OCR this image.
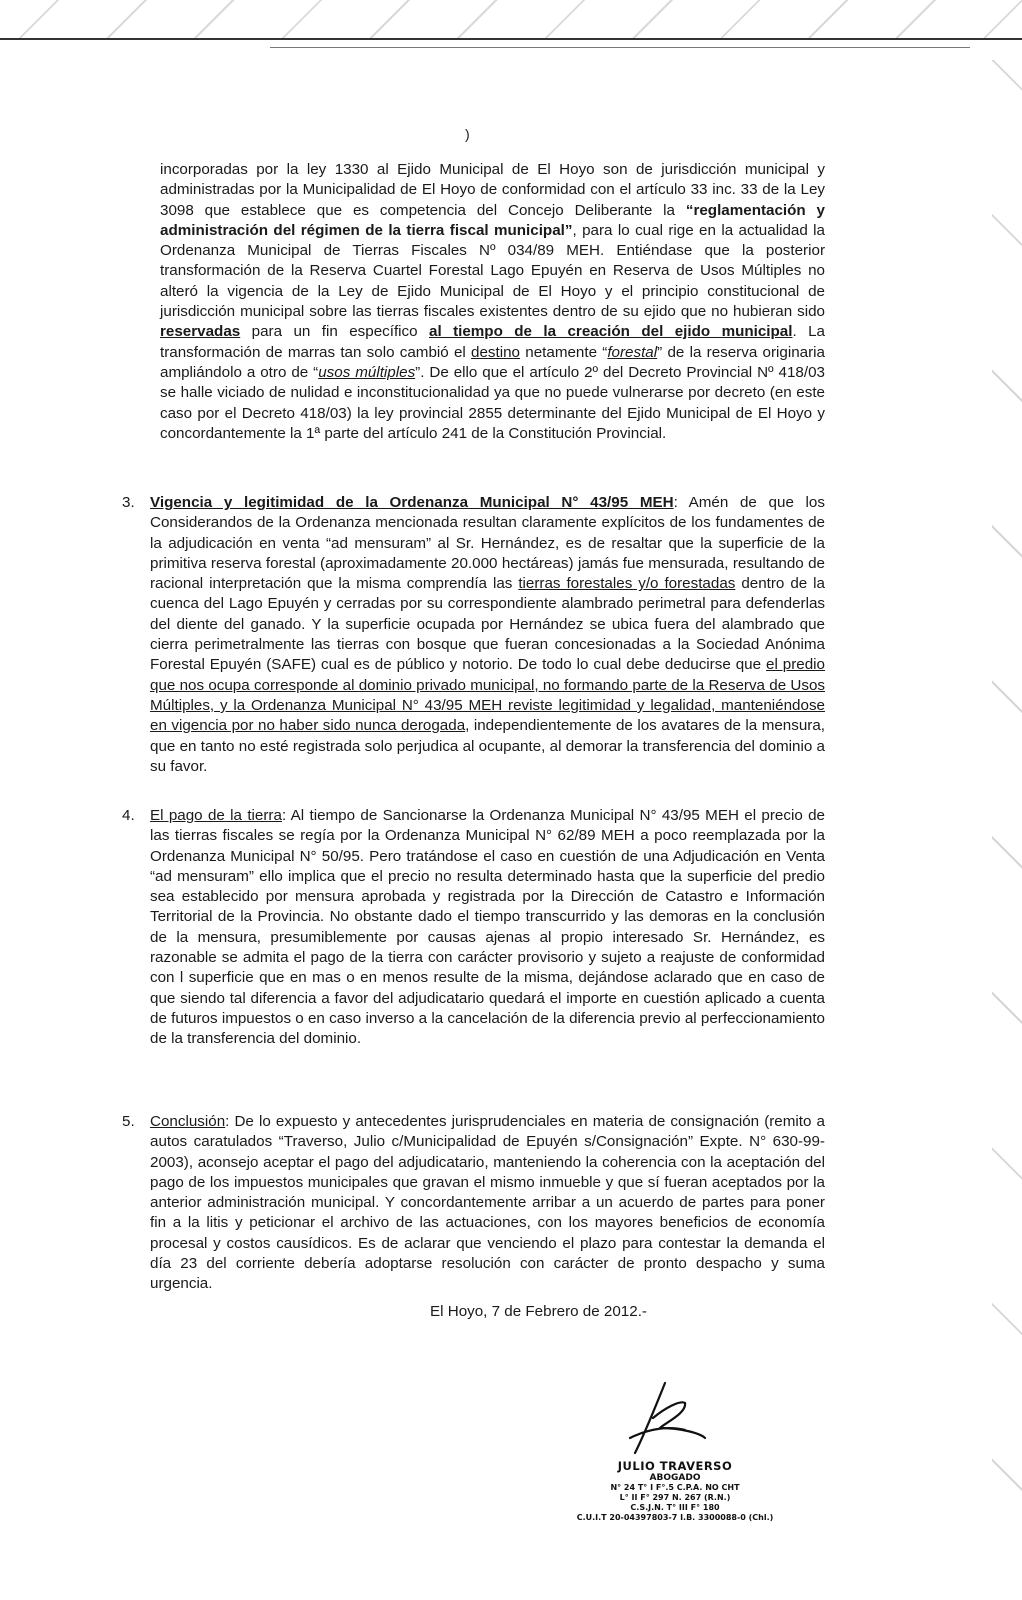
)

incorporadas por la ley 1330 al Ejido Municipal de El Hoyo son de jurisdicción municipal y administradas por la Municipalidad de El Hoyo de conformidad con el artículo 33 inc. 33 de la Ley 3098 que establece que es competencia del Concejo Deliberante la “reglamentación y administración del régimen de la tierra fiscal municipal”, para lo cual rige en la actualidad la Ordenanza Municipal de Tierras Fiscales Nº 034/89 MEH. Entiéndase que la posterior transformación de la Reserva Cuartel Forestal Lago Epuyén en Reserva de Usos Múltiples no alteró la vigencia de la Ley de Ejido Municipal de El Hoyo y el principio constitucional de jurisdicción municipal sobre las tierras fiscales existentes dentro de su ejido que no hubieran sido reservadas para un fin específico al tiempo de la creación del ejido municipal. La transformación de marras tan solo cambió el destino netamente “forestal” de la reserva originaria ampliándolo a otro de “usos múltiples”. De ello que el artículo 2º del Decreto Provincial Nº 418/03 se halle viciado de nulidad e inconstitucionalidad ya que no puede vulnerarse por decreto (en este caso por el Decreto 418/03) la ley provincial 2855 determinante del Ejido Municipal de El Hoyo y concordantemente la 1ª parte del artículo 241 de la Constitución Provincial.

3. Vigencia y legitimidad de la Ordenanza Municipal N° 43/95 MEH: Amén de que los Considerandos de la Ordenanza mencionada resultan claramente explícitos de los fundamentes de la adjudicación en venta “ad mensuram” al Sr. Hernández, es de resaltar que la superficie de la primitiva reserva forestal (aproximadamente 20.000 hectáreas) jamás fue mensurada, resultando de racional interpretación que la misma comprendía las tierras forestales y/o forestadas dentro de la cuenca del Lago Epuyén y cerradas por su correspondiente alambrado perimetral para defenderlas del diente del ganado. Y la superficie ocupada por Hernández se ubica fuera del alambrado que cierra perimetralmente las tierras con bosque que fueran concesionadas a la Sociedad Anónima Forestal Epuyén (SAFE) cual es de público y notorio. De todo lo cual debe deducirse que el predio que nos ocupa corresponde al dominio privado municipal, no formando parte de la Reserva de Usos Múltiples, y la Ordenanza Municipal N° 43/95 MEH reviste legitimidad y legalidad, manteniéndose en vigencia por no haber sido nunca derogada, independientemente de los avatares de la mensura, que en tanto no esté registrada solo perjudica al ocupante, al demorar la transferencia del dominio a su favor.

4. El pago de la tierra: Al tiempo de Sancionarse la Ordenanza Municipal N° 43/95 MEH el precio de las tierras fiscales se regía por la Ordenanza Municipal N° 62/89 MEH a poco reemplazada por la Ordenanza Municipal N° 50/95. Pero tratándose el caso en cuestión de una Adjudicación en Venta “ad mensuram” ello implica que el precio no resulta determinado hasta que la superficie del predio sea establecido por mensura aprobada y registrada por la Dirección de Catastro e Información Territorial de la Provincia. No obstante dado el tiempo transcurrido y las demoras en la conclusión de la mensura, presumiblemente por causas ajenas al propio interesado Sr. Hernández, es razonable se admita el pago de la tierra con carácter provisorio y sujeto a reajuste de conformidad con l superficie que en mas o en menos resulte de la misma, dejándose aclarado que en caso de que siendo tal diferencia a favor del adjudicatario quedará el importe en cuestión aplicado a cuenta de futuros impuestos o en caso inverso a la cancelación de la diferencia previo al perfeccionamiento de la transferencia del dominio.

5. Conclusión: De lo expuesto y antecedentes jurisprudenciales en materia de consignación (remito a autos caratulados “Traverso, Julio c/Municipalidad de Epuyén s/Consignación” Expte. N° 630-99-2003), aconsejo aceptar el pago del adjudicatario, manteniendo la coherencia con la aceptación del pago de los impuestos municipales que gravan el mismo inmueble y que sí fueran aceptados por la anterior administración municipal. Y concordantemente arribar a un acuerdo de partes para poner fin a la litis y peticionar el archivo de las actuaciones, con los mayores beneficios de economía procesal y costos causídicos. Es de aclarar que venciendo el plazo para contestar la demanda el día 23 del corriente debería adoptarse resolución con carácter de pronto despacho y suma urgencia.

El Hoyo, 7 de Febrero de 2012.-
JULIO TRAVERSO
ABOGADO
N° 24 T° I F°.5 C.P.A. NO CHT
L° II F° 297 N. 267 (R.N.)
C.S.J.N. T° III F° 180
C.U.I.T 20-04397803-7 I.B. 3300088-0 (Chl.)
